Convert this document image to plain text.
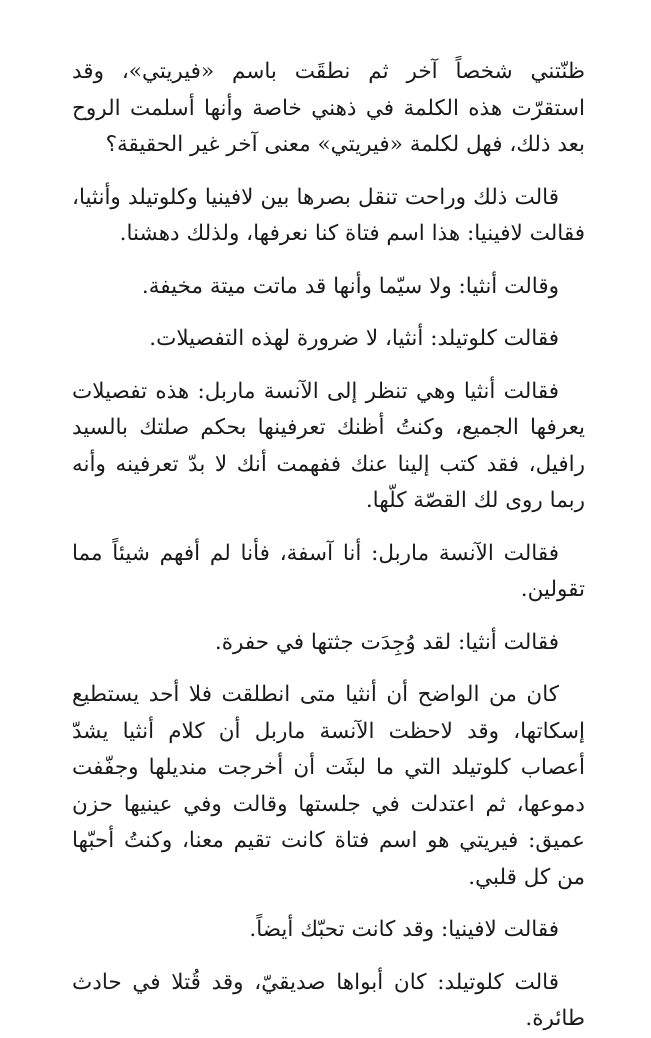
ظنّتني شخصاً آخر ثم نطقَت باسم «فيريتي»، وقد استقرّت هذه الكلمة في ذهني خاصة وأنها أسلمت الروح بعد ذلك، فهل لكلمة «فيريتي» معنى آخر غير الحقيقة؟

قالت ذلك وراحت تنقل بصرها بين لافينيا وكلوتيلد وأنثيا، فقالت لافينيا: هذا اسم فتاة كنا نعرفها، ولذلك دهشنا.

وقالت أنثيا: ولا سيّما وأنها قد ماتت ميتة مخيفة.

فقالت كلوتيلد: أنثيا، لا ضرورة لهذه التفصيلات.

فقالت أنثيا وهي تنظر إلى الآنسة ماربل: هذه تفصيلات يعرفها الجميع، وكنتُ أظنك تعرفينها بحكم صلتك بالسيد رافيل، فقد كتب إلينا عنك ففهمت أنك لا بدّ تعرفينه وأنه ربما روى لك القصّة كلّها.

فقالت الآنسة ماربل: أنا آسفة، فأنا لم أفهم شيئاً مما تقولين.

فقالت أنثيا: لقد وُجِدَت جثتها في حفرة.

كان من الواضح أن أنثيا متى انطلقت فلا أحد يستطيع إسكاتها، وقد لاحظت الآنسة ماربل أن كلام أنثيا يشدّ أعصاب كلوتيلد التي ما لبثَت أن أخرجت منديلها وجفّفت دموعها، ثم اعتدلت في جلستها وقالت وفي عينيها حزن عميق: فيريتي هو اسم فتاة كانت تقيم معنا، وكنتُ أحبّها من كل قلبي.

فقالت لافينيا: وقد كانت تحبّك أيضاً.

قالت كلوتيلد: كان أبواها صديقيّ، وقد قُتلا في حادث طائرة.
